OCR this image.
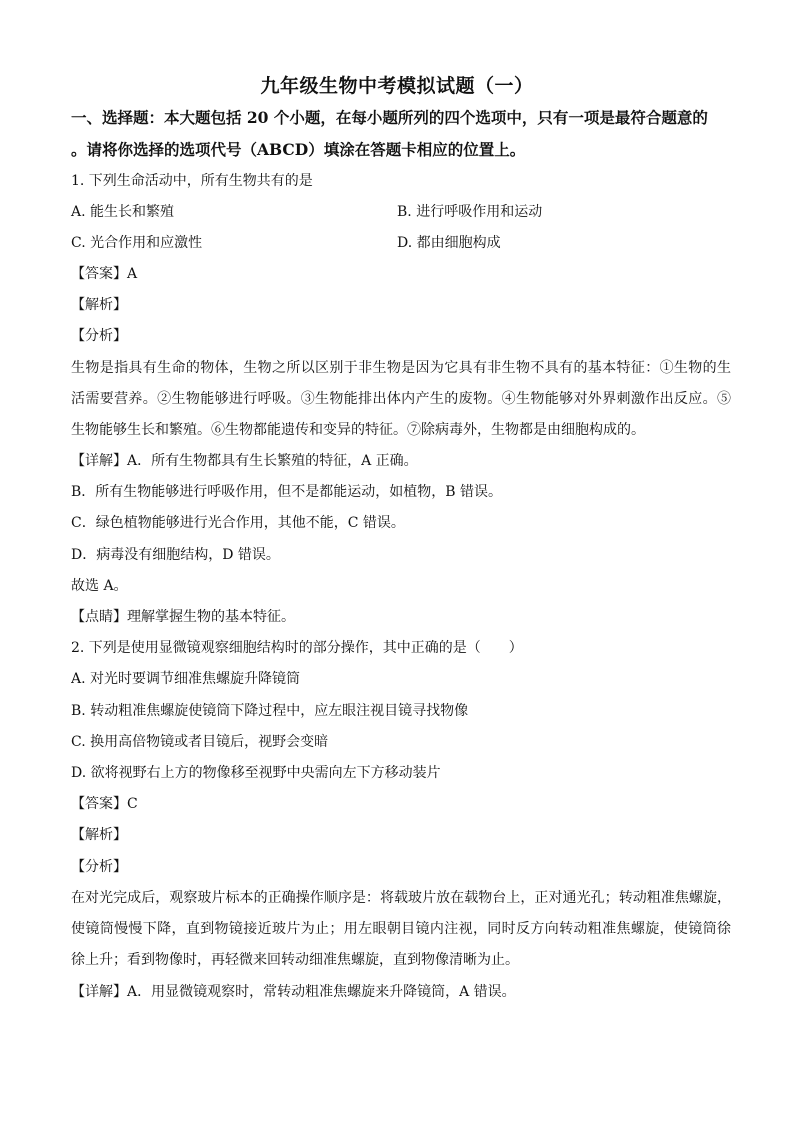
九年级生物中考模拟试题（一）
一、选择题：本大题包括 20 个小题，在每小题所列的四个选项中，只有一项是最符合题意的
。请将你选择的选项代号（ABCD）填涂在答题卡相应的位置上。
1. 下列生命活动中，所有生物共有的是
A. 能生长和繁殖	B. 进行呼吸作用和运动
C. 光合作用和应激性	D. 都由细胞构成
【答案】A
【解析】
【分析】
生物是指具有生命的物体，生物之所以区别于非生物是因为它具有非生物不具有的基本特征：①生物的生
活需要营养。②生物能够进行呼吸。③生物能排出体内产生的废物。④生物能够对外界刺激作出反应。⑤
生物能够生长和繁殖。⑥生物都能遗传和变异的特征。⑦除病毒外，生物都是由细胞构成的。
【详解】A．所有生物都具有生长繁殖的特征，A 正确。
B．所有生物能够进行呼吸作用，但不是都能运动，如植物，B 错误。
C．绿色植物能够进行光合作用，其他不能，C 错误。
D．病毒没有细胞结构，D 错误。
故选 A。
【点睛】理解掌握生物的基本特征。
2. 下列是使用显微镜观察细胞结构时的部分操作，其中正确的是（　　）
A. 对光时要调节细准焦螺旋升降镜筒
B. 转动粗准焦螺旋使镜筒下降过程中，应左眼注视目镜寻找物像
C. 换用高倍物镜或者目镜后，视野会变暗
D. 欲将视野右上方的物像移至视野中央需向左下方移动装片
【答案】C
【解析】
【分析】
在对光完成后，观察玻片标本的正确操作顺序是：将载玻片放在载物台上，正对通光孔；转动粗准焦螺旋，
使镜筒慢慢下降，直到物镜接近玻片为止；用左眼朝目镜内注视，同时反方向转动粗准焦螺旋，使镜筒徐
徐上升；看到物像时，再轻微来回转动细准焦螺旋，直到物像清晰为止。
【详解】A．用显微镜观察时，常转动粗准焦螺旋来升降镜筒，A 错误。
